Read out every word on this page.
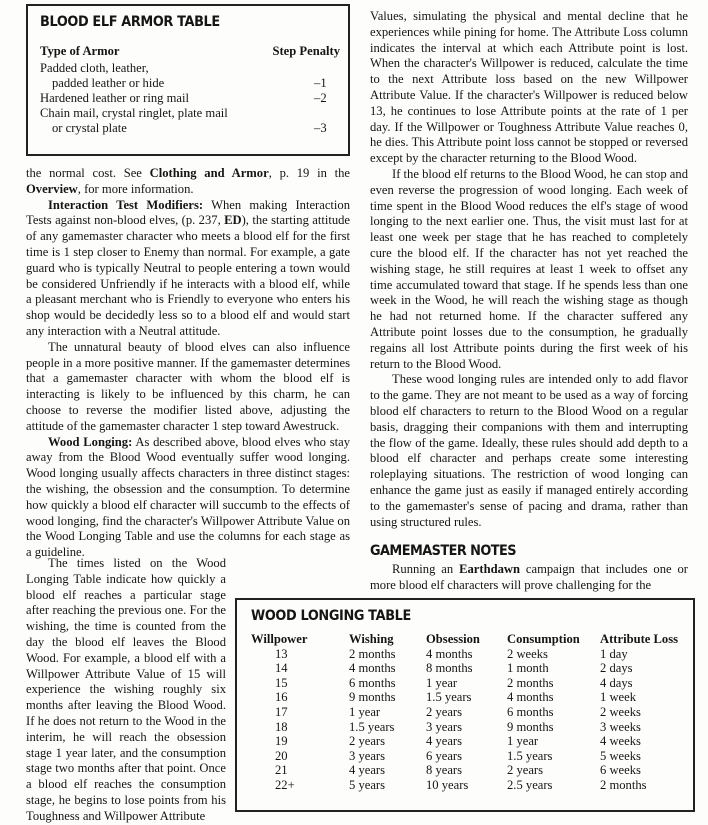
BLOOD ELF ARMOR TABLE
Type of Armor	Step Penalty

Padded cloth, leather,
padded leather or hide	–1
Hardened leather or ring mail	–2

Chain mail, crystal ringlet, plate mail
or crystal plate	–3

the normal cost. See Clothing and Armor, p. 19 in the Overview, for more information.

Interaction Test Modifiers: When making Interaction Tests against non-blood elves, (p. 237, ED), the starting attitude of any gamemaster character who meets a blood elf for the first time is 1 step closer to Enemy than normal. For example, a gate guard who is typically Neutral to people entering a town would be considered Unfriendly if he interacts with a blood elf, while a pleasant merchant who is Friendly to everyone who enters his shop would be decidedly less so to a blood elf and would start any interaction with a Neutral attitude.

The unnatural beauty of blood elves can also influence people in a more positive manner. If the gamemaster determines that a gamemaster character with whom the blood elf is interacting is likely to be influenced by this charm, he can choose to reverse the modifier listed above, adjusting the attitude of the gamemaster character 1 step toward Awestruck.

Wood Longing: As described above, blood elves who stay away from the Blood Wood eventually suffer wood longing. Wood longing usually affects characters in three distinct stages: the wishing, the obsession and the consumption. To determine how quickly a blood elf character will succumb to the effects of wood longing, find the character's Willpower Attribute Value on the Wood Longing Table and use the columns for each stage as a guideline.

The times listed on the Wood Longing Table indicate how quickly a blood elf reaches a particular stage after reaching the previous one. For the wishing, the time is counted from the day the blood elf leaves the Blood Wood. For example, a blood elf with a Willpower Attribute Value of 15 will experience the wishing roughly six months after leaving the Blood Wood. If he does not return to the Wood in the interim, he will reach the obsession stage 1 year later, and the consumption stage two months after that point. Once a blood elf reaches the consumption stage, he begins to lose points from his Toughness and Willpower Attribute

Values, simulating the physical and mental decline that he experiences while pining for home. The Attribute Loss column indicates the interval at which each Attribute point is lost. When the character's Willpower is reduced, calculate the time to the next Attribute loss based on the new Willpower Attribute Value. If the character's Willpower is reduced below 13, he continues to lose Attribute points at the rate of 1 per day. If the Willpower or Toughness Attribute Value reaches 0, he dies. This Attribute point loss cannot be stopped or reversed except by the character returning to the Blood Wood.

If the blood elf returns to the Blood Wood, he can stop and even reverse the progression of wood longing. Each week of time spent in the Blood Wood reduces the elf's stage of wood longing to the next earlier one. Thus, the visit must last for at least one week per stage that he has reached to completely cure the blood elf. If the character has not yet reached the wishing stage, he still requires at least 1 week to offset any time accumulated toward that stage. If he spends less than one week in the Wood, he will reach the wishing stage as though he had not returned home. If the character suffered any Attribute point losses due to the consumption, he gradually regains all lost Attribute points during the first week of his return to the Blood Wood.

These wood longing rules are intended only to add flavor to the game. They are not meant to be used as a way of forcing blood elf characters to return to the Blood Wood on a regular basis, dragging their companions with them and interrupting the flow of the game. Ideally, these rules should add depth to a blood elf character and perhaps create some interesting roleplaying situations. The restriction of wood longing can enhance the game just as easily if managed entirely according to the gamemaster's sense of pacing and drama, rather than using structured rules.

GAMEMASTER NOTES

Running an Earthdawn campaign that includes one or more blood elf characters will prove challenging for the

WOOD LONGING TABLE
Willpower	Wishing	Obsession	Consumption	Attribute Loss
13	2 months	4 months	2 weeks	1 day
14	4 months	8 months	1 month	2 days
15	6 months	1 year	2 months	4 days
16	9 months	1.5 years	4 months	1 week
17	1 year	2 years	6 months	2 weeks
18	1.5 years	3 years	9 months	3 weeks
19	2 years	4 years	1 year	4 weeks
20	3 years	6 years	1.5 years	5 weeks
21	4 years	8 years	2 years	6 weeks
22+	5 years	10 years	2.5 years	2 months
